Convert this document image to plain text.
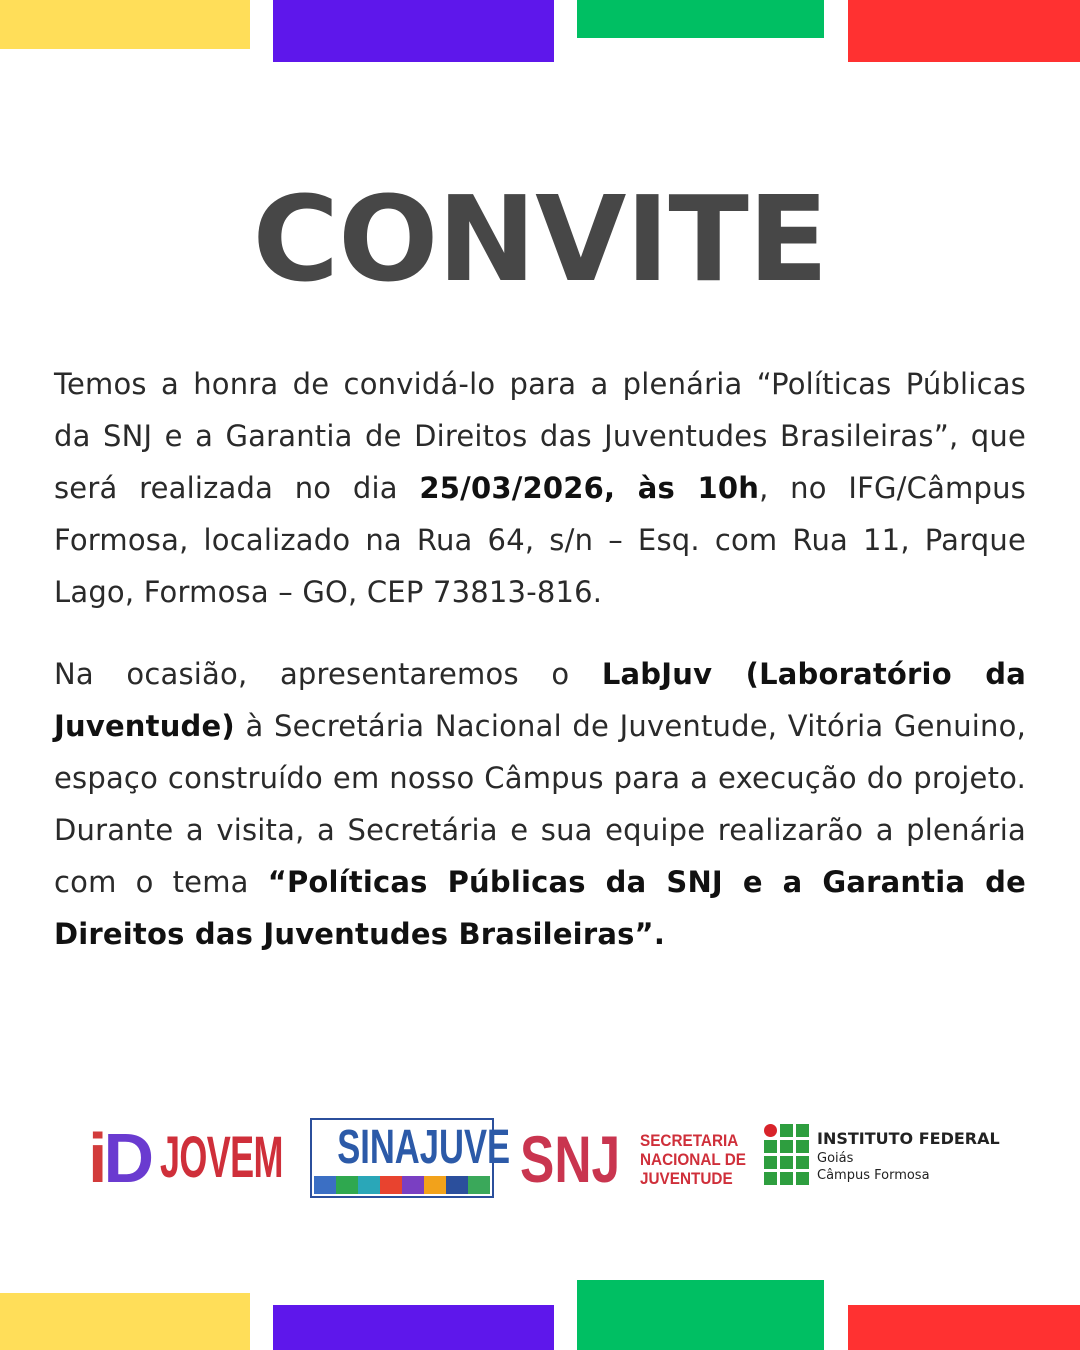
CONVITE

Temos a honra de convidá-lo para a plenária “Políticas Públicas da SNJ e a Garantia de Direitos das Juventudes Brasileiras”, que será realizada no dia 25/03/2026, às 10h, no IFG/Câmpus Formosa, localizado na Rua 64, s/n – Esq. com Rua 11, Parque Lago, Formosa – GO, CEP 73813-816.

Na ocasião, apresentaremos o LabJuv (Laboratório da Juventude) à Secretária Nacional de Juventude, Vitória Genuino, espaço construído em nosso Câmpus para a execução do projeto. Durante a visita, a Secretária e sua equipe realizarão a plenária com o tema “Políticas Públicas da SNJ e a Garantia de Direitos das Juventudes Brasileiras”.

i D JOVEM SINAJUVE SNJ SECRETARIA
NACIONAL DE
JUVENTUDE
INSTITUTO FEDERAL
Goiás
Câmpus Formosa
